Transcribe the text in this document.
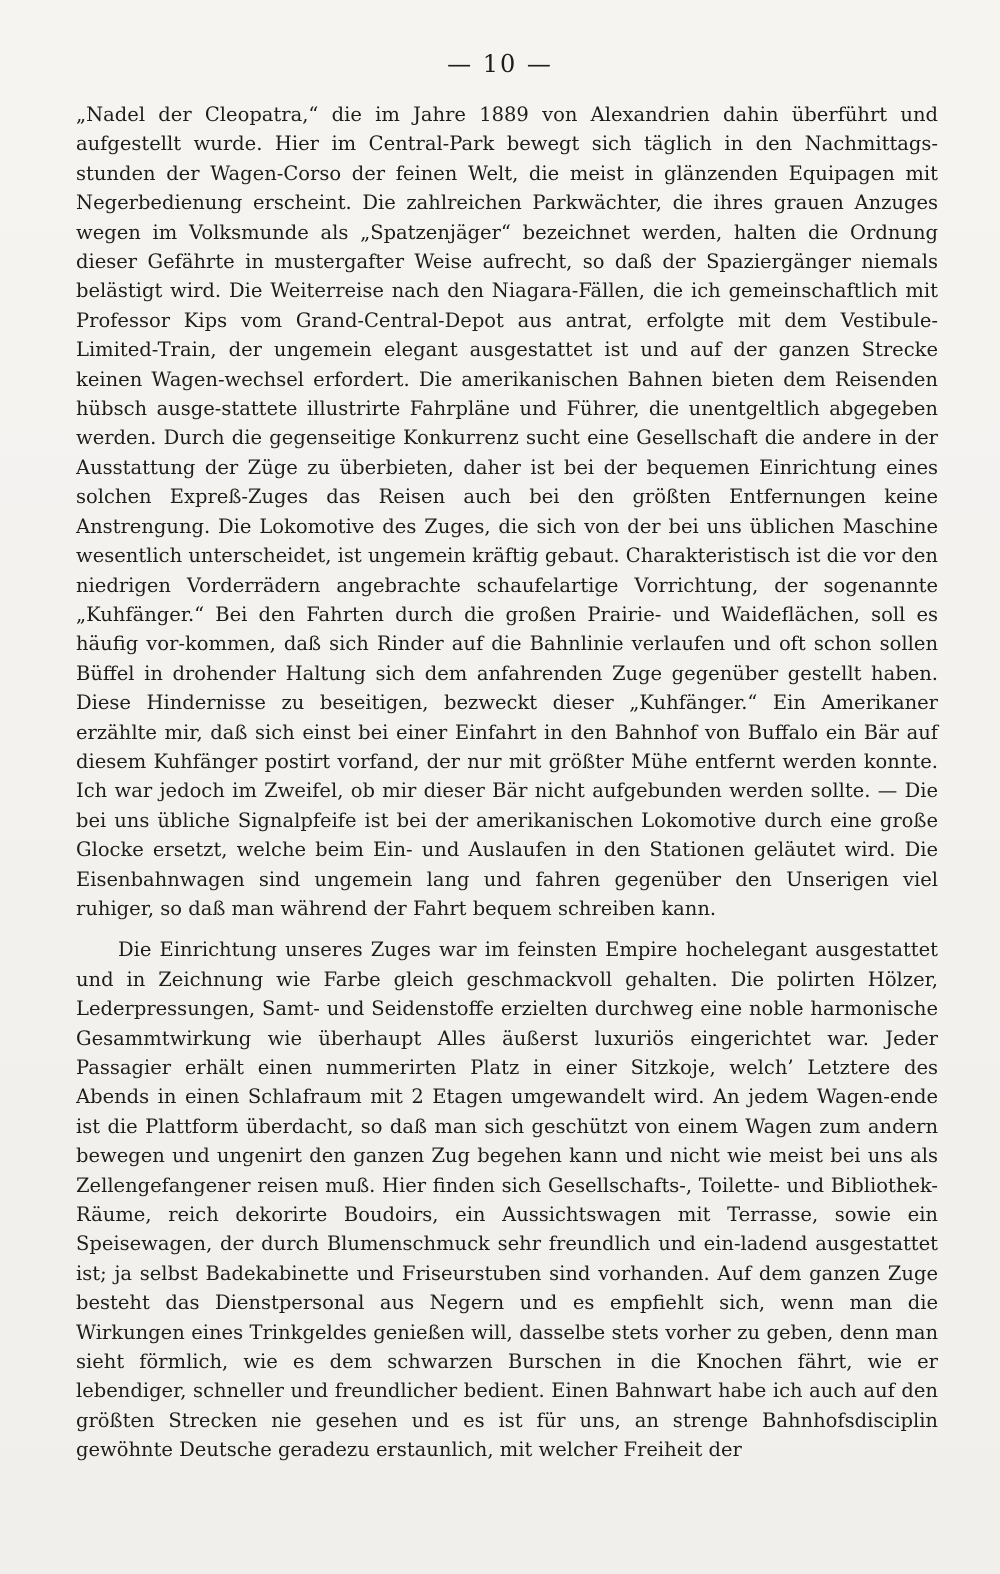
— 10 —

„Nadel der Cleopatra,“ die im Jahre 1889 von Alexandrien dahin überführt und aufgestellt wurde. Hier im Central-Park bewegt sich täglich in den Nachmittags-stunden der Wagen-Corso der feinen Welt, die meist in glänzenden Equipagen mit Negerbedienung erscheint. Die zahlreichen Parkwächter, die ihres grauen Anzuges wegen im Volksmunde als „Spatzenjäger“ bezeichnet werden, halten die Ordnung dieser Gefährte in mustergafter Weise aufrecht, so daß der Spaziergänger niemals belästigt wird. Die Weiterreise nach den Niagara-Fällen, die ich gemeinschaftlich mit Professor Kips vom Grand-Central-Depot aus antrat, erfolgte mit dem Vestibule-Limited-Train, der ungemein elegant ausgestattet ist und auf der ganzen Strecke keinen Wagen-wechsel erfordert. Die amerikanischen Bahnen bieten dem Reisenden hübsch ausge-stattete illustrirte Fahrpläne und Führer, die unentgeltlich abgegeben werden. Durch die gegenseitige Konkurrenz sucht eine Gesellschaft die andere in der Ausstattung der Züge zu überbieten, daher ist bei der bequemen Einrichtung eines solchen Expreß-Zuges das Reisen auch bei den größten Entfernungen keine Anstrengung. Die Lokomotive des Zuges, die sich von der bei uns üblichen Maschine wesentlich unterscheidet, ist ungemein kräftig gebaut. Charakteristisch ist die vor den niedrigen Vorderrädern angebrachte schaufelartige Vorrichtung, der sogenannte „Kuhfänger.“ Bei den Fahrten durch die großen Prairie- und Waideflächen, soll es häufig vor-kommen, daß sich Rinder auf die Bahnlinie verlaufen und oft schon sollen Büffel in drohender Haltung sich dem anfahrenden Zuge gegenüber gestellt haben. Diese Hindernisse zu beseitigen, bezweckt dieser „Kuhfänger.“ Ein Amerikaner erzählte mir, daß sich einst bei einer Einfahrt in den Bahnhof von Buffalo ein Bär auf diesem Kuhfänger postirt vorfand, der nur mit größter Mühe entfernt werden konnte. Ich war jedoch im Zweifel, ob mir dieser Bär nicht aufgebunden werden sollte. — Die bei uns übliche Signalpfeife ist bei der amerikanischen Lokomotive durch eine große Glocke ersetzt, welche beim Ein- und Auslaufen in den Stationen geläutet wird. Die Eisenbahnwagen sind ungemein lang und fahren gegenüber den Unserigen viel ruhiger, so daß man während der Fahrt bequem schreiben kann.

Die Einrichtung unseres Zuges war im feinsten Empire hochelegant ausgestattet und in Zeichnung wie Farbe gleich geschmackvoll gehalten. Die polirten Hölzer, Lederpressungen, Samt- und Seidenstoffe erzielten durchweg eine noble harmonische Gesammtwirkung wie überhaupt Alles äußerst luxuriös eingerichtet war. Jeder Passagier erhält einen nummerirten Platz in einer Sitzkoje, welch’ Letztere des Abends in einen Schlafraum mit 2 Etagen umgewandelt wird. An jedem Wagen-ende ist die Plattform überdacht, so daß man sich geschützt von einem Wagen zum andern bewegen und ungenirt den ganzen Zug begehen kann und nicht wie meist bei uns als Zellengefangener reisen muß. Hier finden sich Gesellschafts-, Toilette- und Bibliothek-Räume, reich dekorirte Boudoirs, ein Aussichtswagen mit Terrasse, sowie ein Speisewagen, der durch Blumenschmuck sehr freundlich und ein-ladend ausgestattet ist; ja selbst Badekabinette und Friseurstuben sind vorhanden. Auf dem ganzen Zuge besteht das Dienstpersonal aus Negern und es empfiehlt sich, wenn man die Wirkungen eines Trinkgeldes genießen will, dasselbe stets vorher zu geben, denn man sieht förmlich, wie es dem schwarzen Burschen in die Knochen fährt, wie er lebendiger, schneller und freundlicher bedient. Einen Bahnwart habe ich auch auf den größten Strecken nie gesehen und es ist für uns, an strenge Bahnhofsdisciplin gewöhnte Deutsche geradezu erstaunlich, mit welcher Freiheit der
